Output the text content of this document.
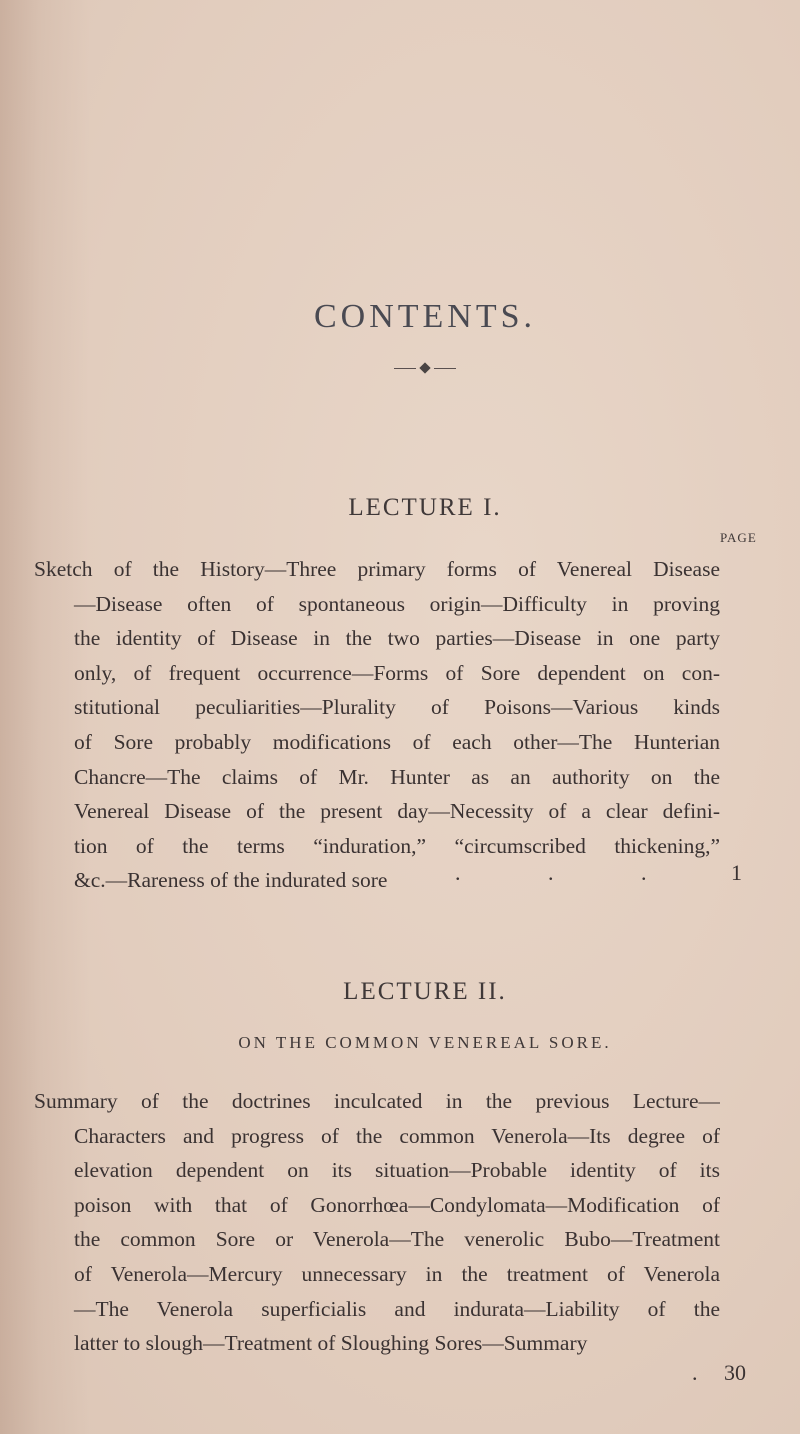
CONTENTS.
LECTURE I.
PAGE
Sketch of the History—Three primary forms of Venereal Disease
—Disease often of spontaneous origin—Difficulty in proving
the identity of Disease in the two parties—Disease in one party
only, of frequent occurrence—Forms of Sore dependent on con-
stitutional peculiarities—Plurality of Poisons—Various kinds
of Sore probably modifications of each other—The Hunterian
Chancre—The claims of Mr. Hunter as an authority on the
Venereal Disease of the present day—Necessity of a clear defini-
tion of the terms “induration,” “circumscribed thickening,”
&c.—Rareness of the indurated sore	. . .	1
LECTURE II.
ON THE COMMON VENEREAL SORE.
Summary of the doctrines inculcated in the previous Lecture—
Characters and progress of the common Venerola—Its degree of
elevation dependent on its situation—Probable identity of its
poison with that of Gonorrhœa—Condylomata—Modification of
the common Sore or Venerola—The venerolic Bubo—Treatment
of Venerola—Mercury unnecessary in the treatment of Venerola
—The Venerola superficialis and indurata—Liability of the
latter to slough—Treatment of Sloughing Sores—Summary
. 30
